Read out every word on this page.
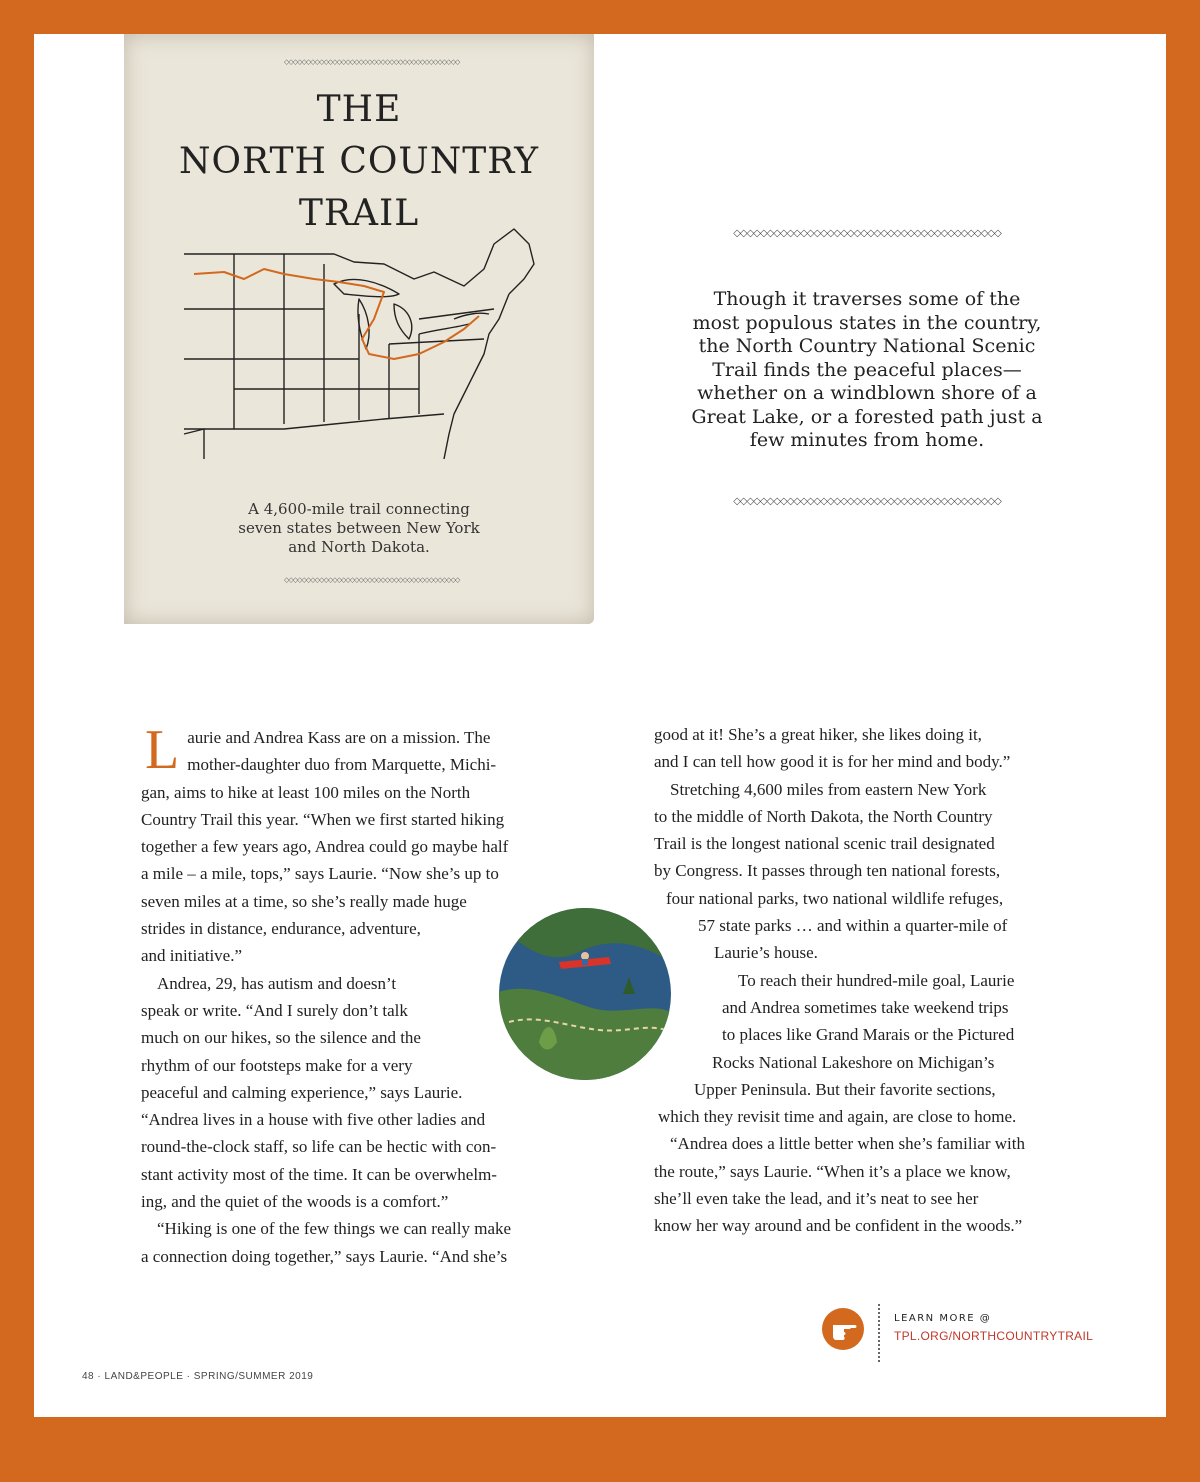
◇◇◇◇◇◇◇◇◇◇◇◇◇◇◇◇◇◇◇◇◇◇◇◇◇◇◇◇◇◇◇◇◇◇◇◇◇◇◇◇
THE
NORTH COUNTRY
TRAIL
A 4,600-mile trail connecting
seven states between New York
and North Dakota.
◇◇◇◇◇◇◇◇◇◇◇◇◇◇◇◇◇◇◇◇◇◇◇◇◇◇◇◇◇◇◇◇◇◇◇◇◇◇◇◇
◇◇◇◇◇◇◇◇◇◇◇◇◇◇◇◇◇◇◇◇◇◇◇◇◇◇◇◇◇◇◇◇◇◇◇◇◇◇◇◇
Though it traverses some of the
most populous states in the country,
the North Country National Scenic
Trail finds the peaceful places—
whether on a windblown shore of a
Great Lake, or a forested path just a
few minutes from home.
◇◇◇◇◇◇◇◇◇◇◇◇◇◇◇◇◇◇◇◇◇◇◇◇◇◇◇◇◇◇◇◇◇◇◇◇◇◇◇◇
L aurie and Andrea Kass are on a mission. The
mother-daughter duo from Marquette, Michi-
gan, aims to hike at least 100 miles on the North
Country Trail this year. “When we first started hiking
together a few years ago, Andrea could go maybe half
a mile – a mile, tops,” says Laurie. “Now she’s up to
seven miles at a time, so she’s really made huge
strides in distance, endurance, adventure,
and initiative.”
Andrea, 29, has autism and doesn’t
speak or write. “And I surely don’t talk
much on our hikes, so the silence and the
rhythm of our footsteps make for a very
peaceful and calming experience,” says Laurie.
“Andrea lives in a house with five other ladies and
round-the-clock staff, so life can be hectic with con-
stant activity most of the time. It can be overwhelm-
ing, and the quiet of the woods is a comfort.”
“Hiking is one of the few things we can really make
a connection doing together,” says Laurie. “And she’s
good at it! She’s a great hiker, she likes doing it,
and I can tell how good it is for her mind and body.”
Stretching 4,600 miles from eastern New York
to the middle of North Dakota, the North Country
Trail is the longest national scenic trail designated
by Congress. It passes through ten national forests,
four national parks, two national wildlife refuges,
57 state parks … and within a quarter-mile of
Laurie’s house.
To reach their hundred-mile goal, Laurie
and Andrea sometimes take weekend trips
to places like Grand Marais or the Pictured
Rocks National Lakeshore on Michigan’s
Upper Peninsula. But their favorite sections,
which they revisit time and again, are close to home.
“Andrea does a little better when she’s familiar with
the route,” says Laurie. “When it’s a place we know,
she’ll even take the lead, and it’s neat to see her
know her way around and be confident in the woods.”
LEARN MORE @
TPL.ORG/NORTHCOUNTRYTRAIL
48 · LAND&PEOPLE · SPRING/SUMMER 2019
